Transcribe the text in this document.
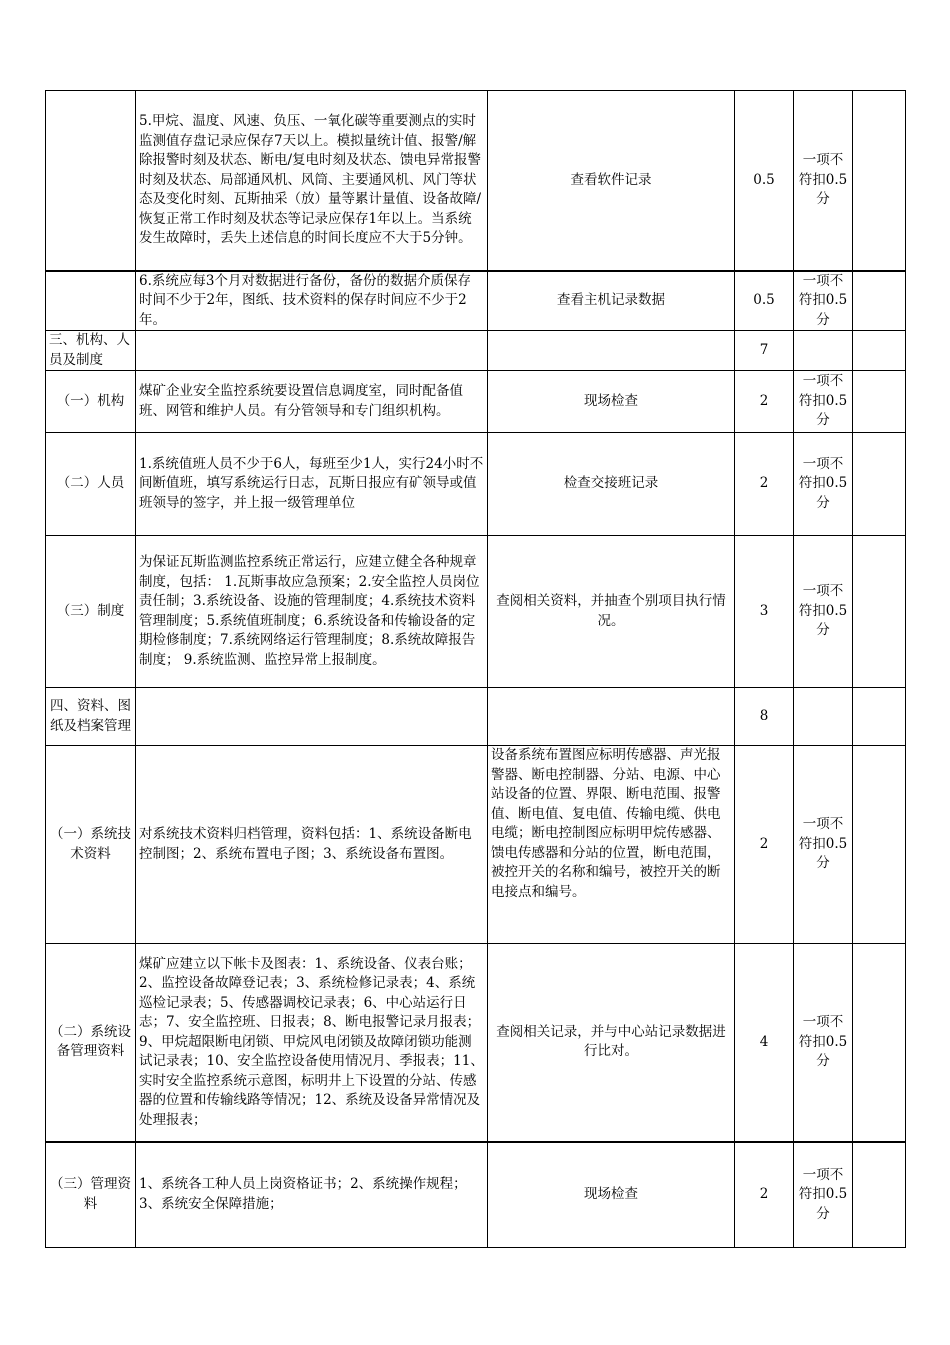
	5.甲烷、温度、风速、负压、一氧化碳等重要测点的实时监测值存盘记录应保存7天以上。模拟量统计值、报警/解除报警时刻及状态、断电/复电时刻及状态、馈电异常报警时刻及状态、局部通风机、风筒、主要通风机、风门等状态及变化时刻、瓦斯抽采（放）量等累计量值、设备故障/恢复正常工作时刻及状态等记录应保存1年以上。当系统发生故障时，丢失上述信息的时间长度应不大于5分钟。	查看软件记录	0.5	一项不符扣0.5分	
	6.系统应每3个月对数据进行备份，备份的数据介质保存时间不少于2年，图纸、技术资料的保存时间应不少于2年。	查看主机记录数据	0.5	一项不符扣0.5分	
三、机构、人员及制度			7		
（一）机构	煤矿企业安全监控系统要设置信息调度室，同时配备值班、网管和维护人员。有分管领导和专门组织机构。	现场检查	2	一项不符扣0.5分	
（二）人员	1.系统值班人员不少于6人，每班至少1人，实行24小时不间断值班，填写系统运行日志，瓦斯日报应有矿领导或值班领导的签字，并上报一级管理单位	检查交接班记录	2	一项不符扣0.5分	
（三）制度	为保证瓦斯监测监控系统正常运行，应建立健全各种规章制度，包括： 1.瓦斯事故应急预案；2.安全监控人员岗位责任制；3.系统设备、设施的管理制度；4.系统技术资料管理制度；5.系统值班制度；6.系统设备和传输设备的定期检修制度；7.系统网络运行管理制度；8.系统故障报告制度； 9.系统监测、监控异常上报制度。	查阅相关资料，并抽查个别项目执行情况。	3	一项不符扣0.5分	
四、资料、图纸及档案管理			8		
（一）系统技术资料	对系统技术资料归档管理，资料包括：1、系统设备断电控制图；2、系统布置电子图；3、系统设备布置图。	设备系统布置图应标明传感器、声光报警器、断电控制器、分站、电源、中心站设备的位置、界限、断电范围、报警值、断电值、复电值、传输电缆、供电电缆；断电控制图应标明甲烷传感器、馈电传感器和分站的位置，断电范围，被控开关的名称和编号，被控开关的断电接点和编号。	2	一项不符扣0.5分	
（二）系统设备管理资料	煤矿应建立以下帐卡及图表：1、系统设备、仪表台账；2、监控设备故障登记表；3、系统检修记录表；4、系统巡检记录表；5、传感器调校记录表；6、中心站运行日志；7、安全监控班、日报表；8、断电报警记录月报表；9、甲烷超限断电闭锁、甲烷风电闭锁及故障闭锁功能测试记录表；10、安全监控设备使用情况月、季报表；11、实时安全监控系统示意图，标明井上下设置的分站、传感器的位置和传输线路等情况；12、系统及设备异常情况及处理报表；	查阅相关记录，并与中心站记录数据进行比对。	4	一项不符扣0.5分	
（三）管理资料	1、系统各工种人员上岗资格证书；2、系统操作规程；3、系统安全保障措施；	现场检查	2	一项不符扣0.5分	
